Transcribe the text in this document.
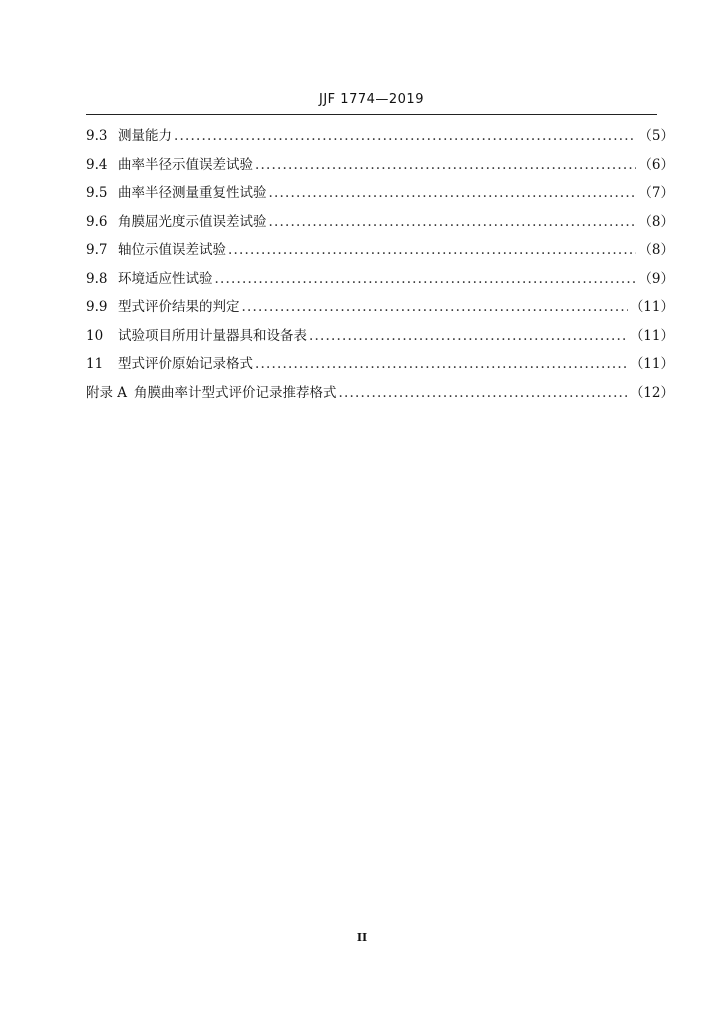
JJF 1774—2019
9.3 测量能力 .....	（5）
9.4 曲率半径示值误差试验 .....	（6）
9.5 曲率半径测量重复性试验 .....	（7）
9.6 角膜屈光度示值误差试验 .....	（8）
9.7 轴位示值误差试验 .....	（8）
9.8 环境适应性试验 .....	（9）
9.9 型式评价结果的判定 .....	（11）
10	试验项目所用计量器具和设备表 .....	（11）
11	型式评价原始记录格式 .....	（11）
附录 A 角膜曲率计型式评价记录推荐格式 .....	（12）
II
